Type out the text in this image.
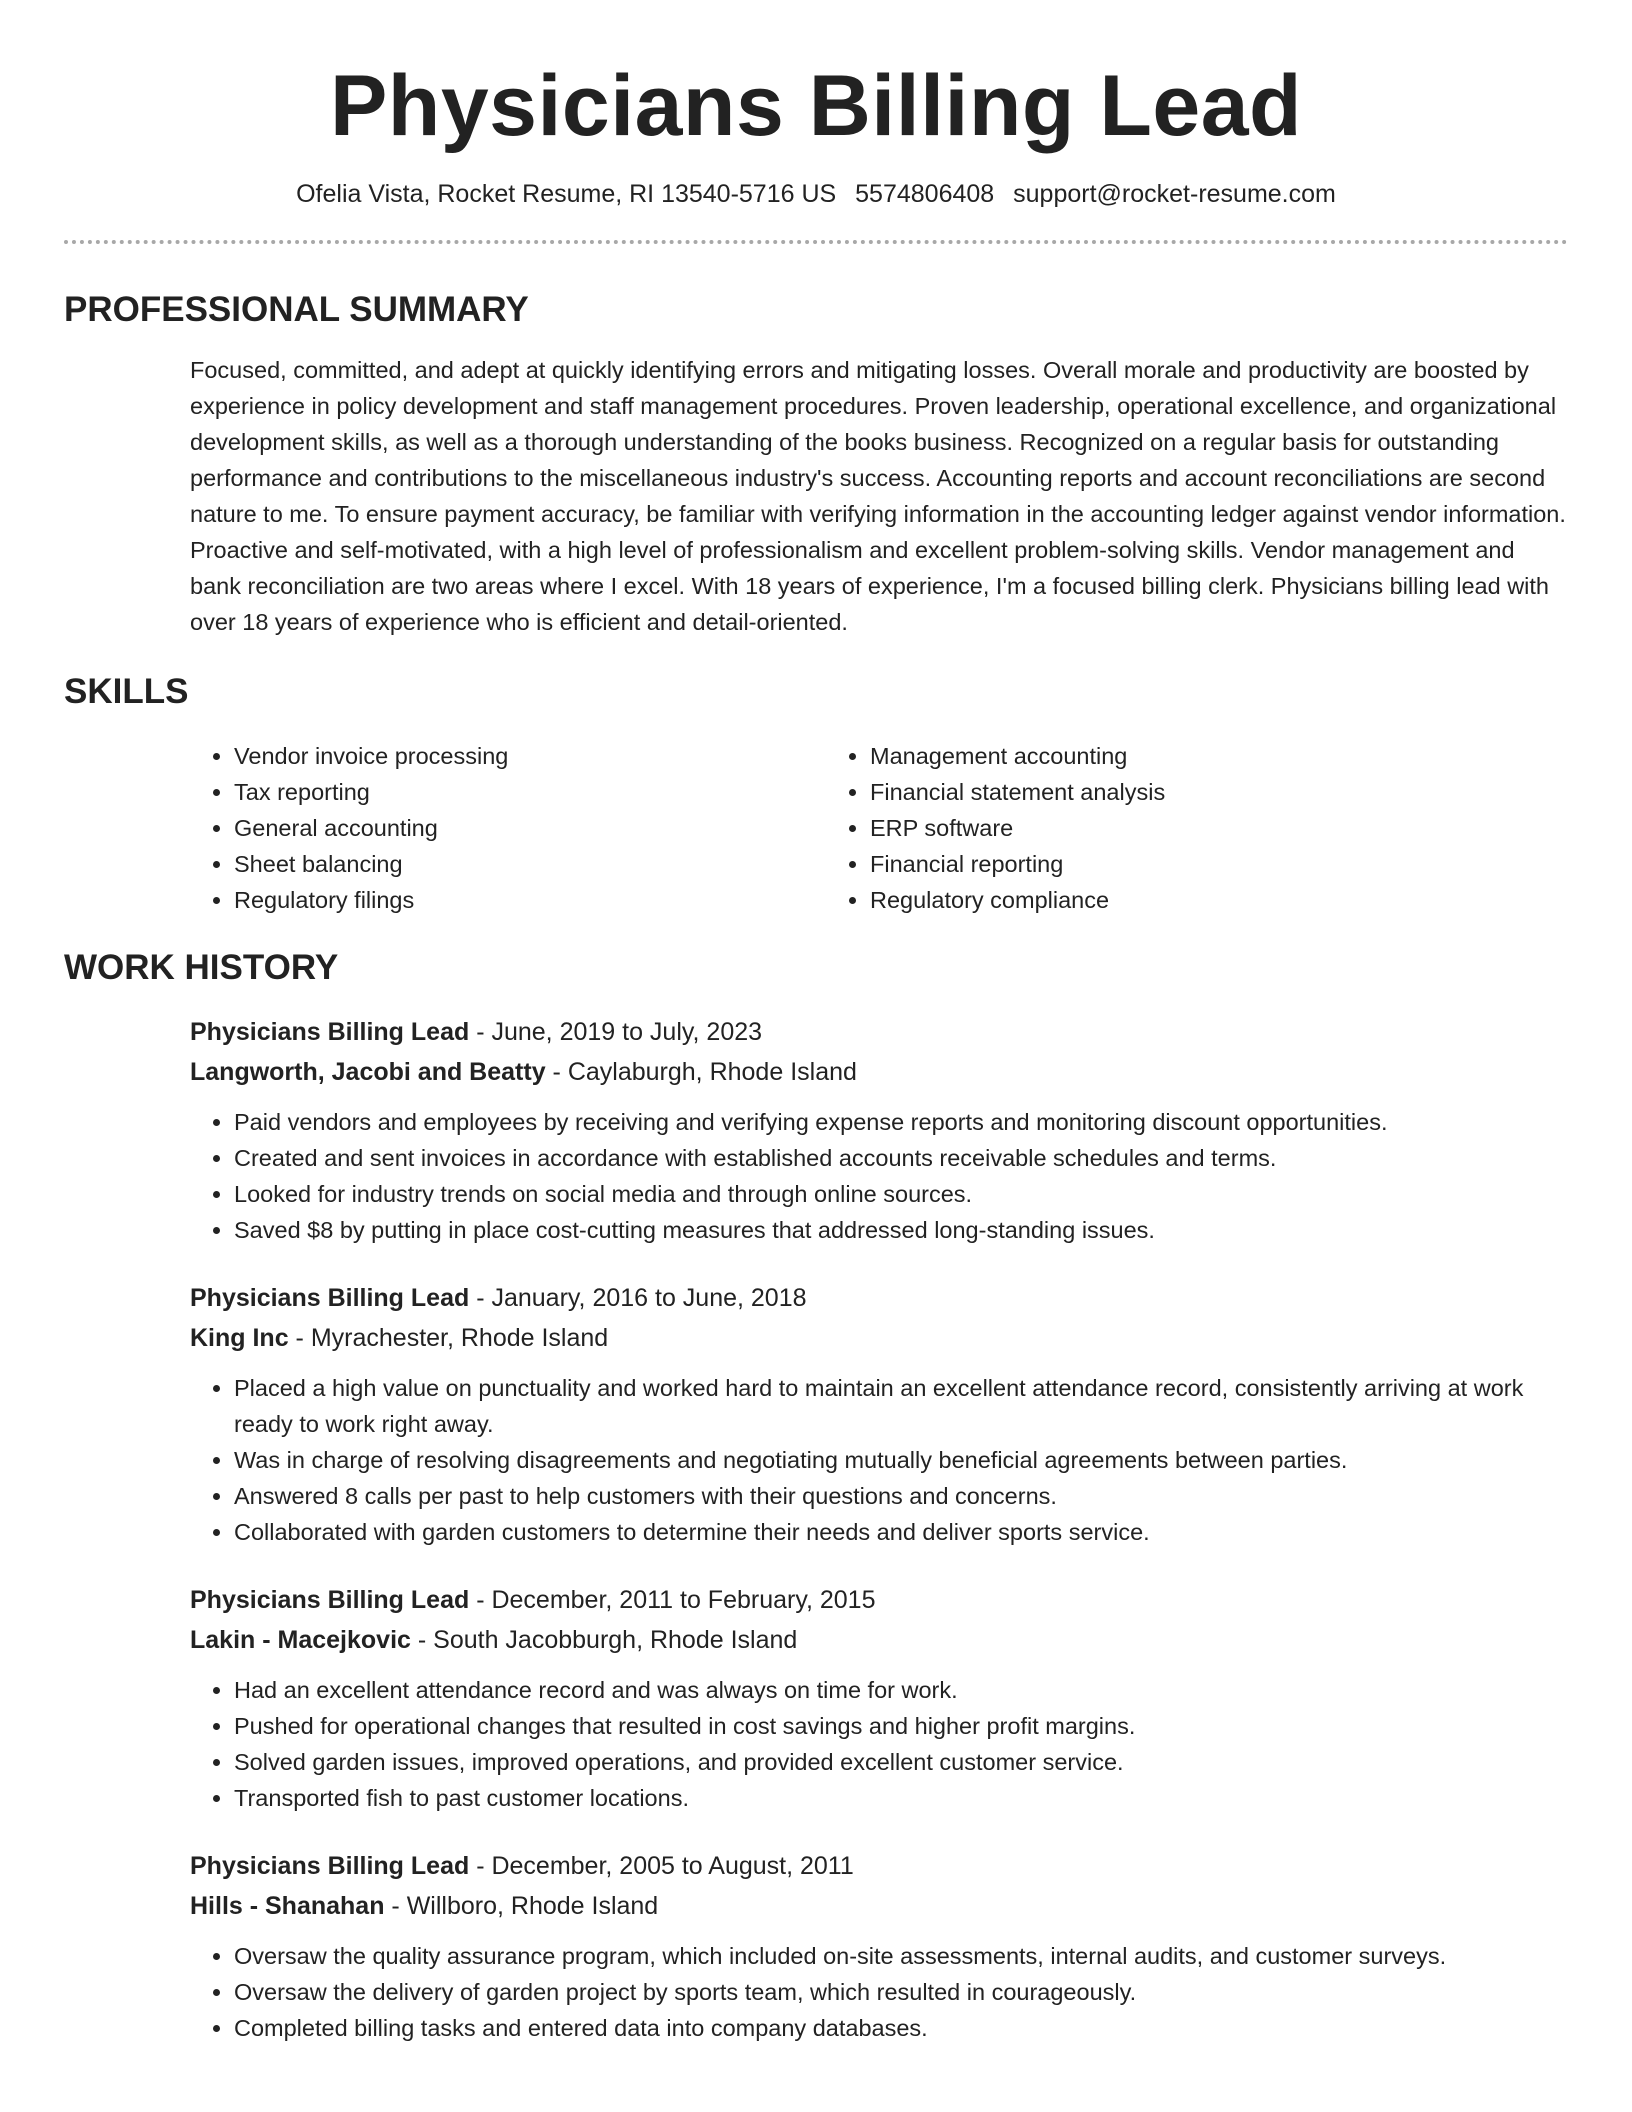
Physicians Billing Lead
Ofelia Vista, Rocket Resume, RI 13540-5716 US 5574806408 support@rocket-resume.com
PROFESSIONAL SUMMARY

Focused, committed, and adept at quickly identifying errors and mitigating losses. Overall morale and productivity are boosted by experience in policy development and staff management procedures. Proven leadership, operational excellence, and organizational development skills, as well as a thorough understanding of the books business. Recognized on a regular basis for outstanding performance and contributions to the miscellaneous industry's success. Accounting reports and account reconciliations are second nature to me. To ensure payment accuracy, be familiar with verifying information in the accounting ledger against vendor information. Proactive and self-motivated, with a high level of professionalism and excellent problem-solving skills. Vendor management and bank reconciliation are two areas where I excel. With 18 years of experience, I'm a focused billing clerk. Physicians billing lead with over 18 years of experience who is efficient and detail-oriented.

SKILLS
• Vendor invoice processing
• Tax reporting
• General accounting
• Sheet balancing
• Regulatory filings
• Management accounting
• Financial statement analysis
• ERP software
• Financial reporting
• Regulatory compliance
WORK HISTORY
Physicians Billing Lead - June, 2019 to July, 2023
Langworth, Jacobi and Beatty - Caylaburgh, Rhode Island
• Paid vendors and employees by receiving and verifying expense reports and monitoring discount opportunities.
• Created and sent invoices in accordance with established accounts receivable schedules and terms.
• Looked for industry trends on social media and through online sources.
• Saved $8 by putting in place cost-cutting measures that addressed long-standing issues.
Physicians Billing Lead - January, 2016 to June, 2018
King Inc - Myrachester, Rhode Island
• Placed a high value on punctuality and worked hard to maintain an excellent attendance record, consistently arriving at work ready to work right away.
• Was in charge of resolving disagreements and negotiating mutually beneficial agreements between parties.
• Answered 8 calls per past to help customers with their questions and concerns.
• Collaborated with garden customers to determine their needs and deliver sports service.
Physicians Billing Lead - December, 2011 to February, 2015
Lakin - Macejkovic - South Jacobburgh, Rhode Island
• Had an excellent attendance record and was always on time for work.
• Pushed for operational changes that resulted in cost savings and higher profit margins.
• Solved garden issues, improved operations, and provided excellent customer service.
• Transported fish to past customer locations.
Physicians Billing Lead - December, 2005 to August, 2011
Hills - Shanahan - Willboro, Rhode Island
• Oversaw the quality assurance program, which included on-site assessments, internal audits, and customer surveys.
• Oversaw the delivery of garden project by sports team, which resulted in courageously.
• Completed billing tasks and entered data into company databases.
